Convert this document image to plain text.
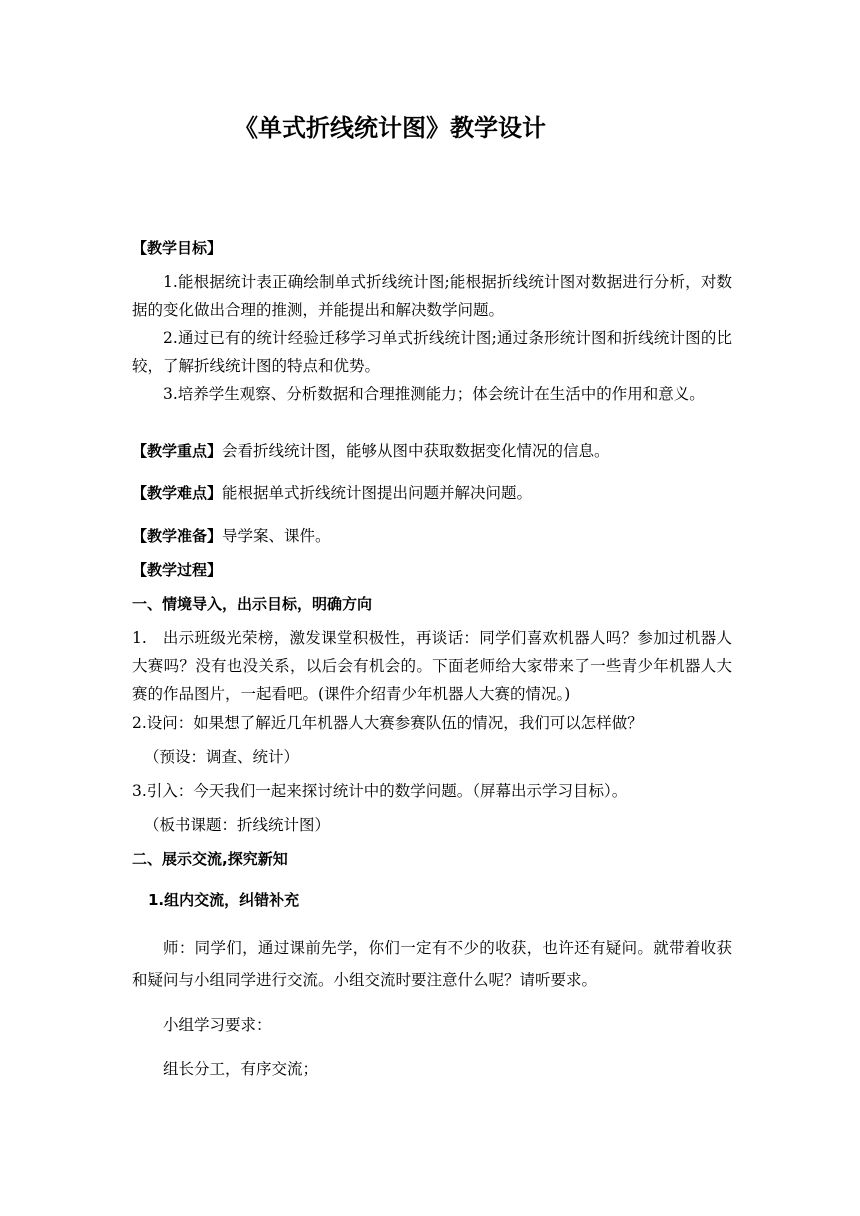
《单式折线统计图》教学设计
【教学目标】
1.能根据统计表正确绘制单式折线统计图;能根据折线统计图对数据进行分析，对数据的变化做出合理的推测，并能提出和解决数学问题。
2.通过已有的统计经验迁移学习单式折线统计图;通过条形统计图和折线统计图的比较，了解折线统计图的特点和优势。
3.培养学生观察、分析数据和合理推测能力；体会统计在生活中的作用和意义。
【教学重点】会看折线统计图，能够从图中获取数据变化情况的信息。
【教学难点】能根据单式折线统计图提出问题并解决问题。
【教学准备】导学案、课件。
【教学过程】
一、情境导入，出示目标，明确方向
1.　出示班级光荣榜，激发课堂积极性，再谈话：同学们喜欢机器人吗？参加过机器人大赛吗？没有也没关系，以后会有机会的。下面老师给大家带来了一些青少年机器人大赛的作品图片，一起看吧。(课件介绍青少年机器人大赛的情况。)
2.设问：如果想了解近几年机器人大赛参赛队伍的情况，我们可以怎样做？
（预设：调查、统计）
3.引入：今天我们一起来探讨统计中的数学问题。（屏幕出示学习目标）。
（板书课题：折线统计图）
二、展示交流,探究新知
1.组内交流，纠错补充
师：同学们，通过课前先学，你们一定有不少的收获，也许还有疑问。就带着收获和疑问与小组同学进行交流。小组交流时要注意什么呢？请听要求。
小组学习要求：
组长分工，有序交流；
